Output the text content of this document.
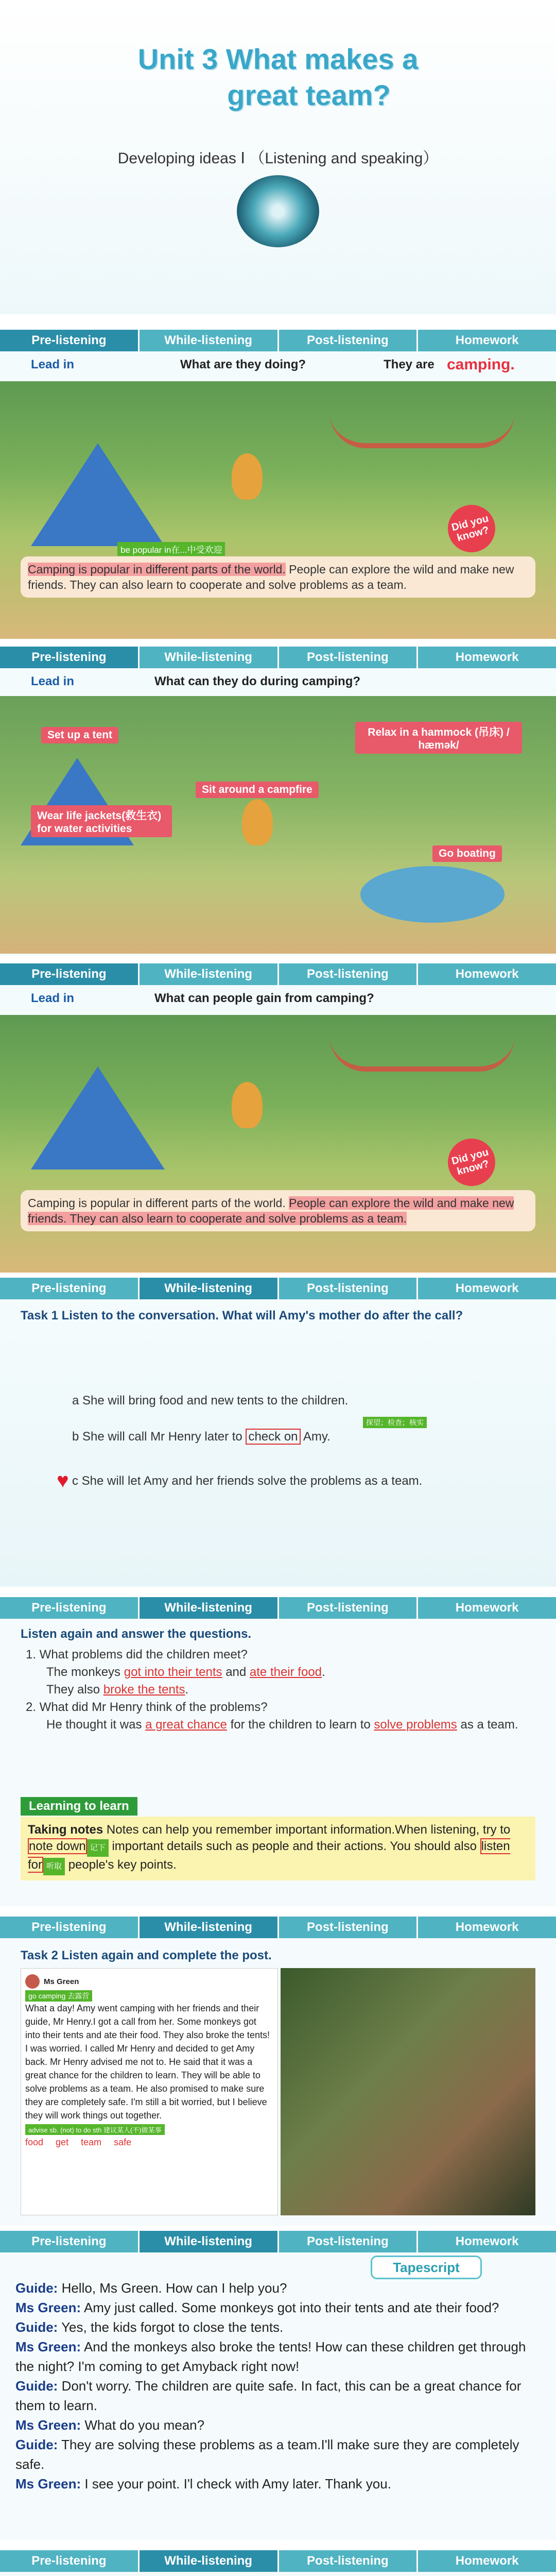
Unit 3 What makes a
great team?
Developing ideas Ⅰ （Listening and speaking）
Pre-listening	While-listening	Post-listening	Homework
Lead in	What are they doing?	They are camping.
Did you know?
be popular in在...中受欢迎
Camping is popular in different parts of the world. People can explore the wild and make new friends. They can also learn to cooperate and solve problems as a team.
Pre-listening	While-listening	Post-listening	Homework
Lead in	What can they do during camping?
Set up a tent	Relax in a hammock (吊床) / hæmək/
Sit around a campfire
Wear life jackets(救生衣) for water activities
Go boating
Pre-listening	While-listening	Post-listening	Homework
Lead in	What can people gain from camping?
Did you know?
Camping is popular in different parts of the world. People can explore the wild and make new friends. They can also learn to cooperate and solve problems as a team.
Pre-listening	While-listening	Post-listening	Homework
Task 1 Listen to the conversation. What will Amy's mother do after the call?
a She will bring food and new tents to the children.
探望；检查；核实
b She will call Mr Henry later to check on Amy.
♥ c She will let Amy and her friends solve the problems as a team.
Pre-listening	While-listening	Post-listening	Homework
Listen again and answer the questions.
1. What problems did the children meet?
The monkeys got into their tents and ate their food.
They also broke the tents.
2. What did Mr Henry think of the problems?
He thought it was a great chance for the children to learn to solve problems as a team.
Learning to learn
Taking notes Notes can help you remember important information.When listening, try to note down 记下 important details such as people and their actions. You should also listen for 听取 people's key points.
Pre-listening	While-listening	Post-listening	Homework
Task 2 Listen again and complete the post.
Ms Green
go camping 去露营
What a day! Amy went camping with her friends and their guide, Mr Henry.I got a call from her. Some monkeys got into their tents and ate their food. They also broke the tents! I was worried. I called Mr Henry and decided to get Amy back. Mr Henry advised me not to. He said that it was a great chance for the children to learn. They will be able to solve problems as a team. He also promised to make sure they are completely safe. I'm still a bit worried, but I believe they will work things out together.
advise sb. (not) to do sth 建议某人(不)做某事
food get team safe
Pre-listening	While-listening	Post-listening	Homework
Tapescript
Guide: Hello, Ms Green. How can I help you?
Ms Green: Amy just called. Some monkeys got into their tents and ate their food?
Guide: Yes, the kids forgot to close the tents.
Ms Green: And the monkeys also broke the tents! How can these children get through the night? I'm coming to get Amyback right now!
Guide: Don't worry. The children are quite safe. In fact, this can be a great chance for them to learn.
Ms Green: What do you mean?
Guide: They are solving these problems as a team.I'll make sure they are completely safe.
Ms Green: I see your point. I'l check with Amy later. Thank you.
Pre-listening	While-listening	Post-listening	Homework
